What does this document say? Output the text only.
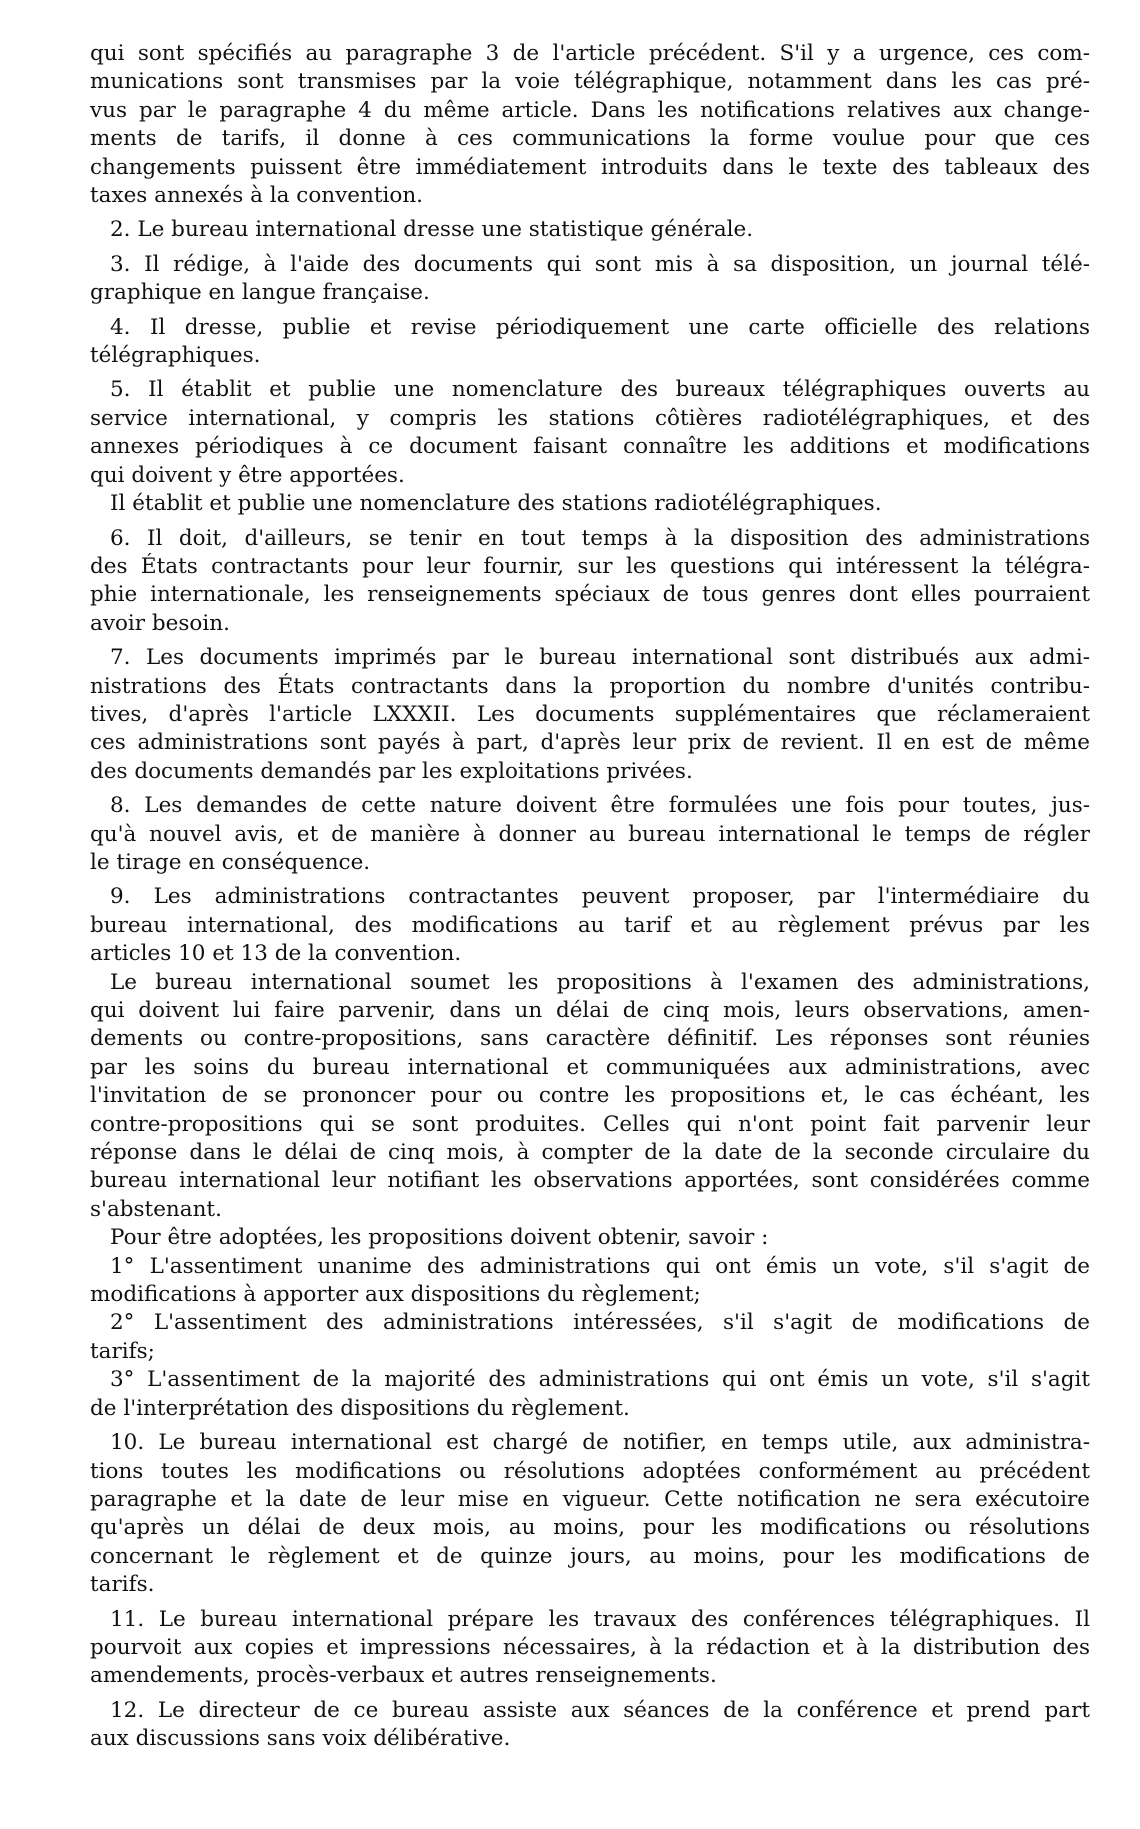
qui sont spécifiés au paragraphe 3 de l'article précédent. S'il y a urgence, ces com-
munications sont transmises par la voie télégraphique, notamment dans les cas pré-
vus par le paragraphe 4 du même article. Dans les notifications relatives aux change-
ments de tarifs, il donne à ces communications la forme voulue pour que ces
changements puissent être immédiatement introduits dans le texte des tableaux des
taxes annexés à la convention.
2. Le bureau international dresse une statistique générale.
3. Il rédige, à l'aide des documents qui sont mis à sa disposition, un journal télé-
graphique en langue française.
4. Il dresse, publie et revise périodiquement une carte officielle des relations
télégraphiques.
5. Il établit et publie une nomenclature des bureaux télégraphiques ouverts au
service international, y compris les stations côtières radiotélégraphiques, et des
annexes périodiques à ce document faisant connaître les additions et modifications
qui doivent y être apportées.
Il établit et publie une nomenclature des stations radiotélégraphiques.
6. Il doit, d'ailleurs, se tenir en tout temps à la disposition des administrations
des États contractants pour leur fournir, sur les questions qui intéressent la télégra-
phie internationale, les renseignements spéciaux de tous genres dont elles pourraient
avoir besoin.
7. Les documents imprimés par le bureau international sont distribués aux admi-
nistrations des États contractants dans la proportion du nombre d'unités contribu-
tives, d'après l'article LXXXII. Les documents supplémentaires que réclameraient
ces administrations sont payés à part, d'après leur prix de revient. Il en est de même
des documents demandés par les exploitations privées.
8. Les demandes de cette nature doivent être formulées une fois pour toutes, jus-
qu'à nouvel avis, et de manière à donner au bureau international le temps de régler
le tirage en conséquence.
9. Les administrations contractantes peuvent proposer, par l'intermédiaire du
bureau international, des modifications au tarif et au règlement prévus par les
articles 10 et 13 de la convention.
Le bureau international soumet les propositions à l'examen des administrations,
qui doivent lui faire parvenir, dans un délai de cinq mois, leurs observations, amen-
dements ou contre-propositions, sans caractère définitif. Les réponses sont réunies
par les soins du bureau international et communiquées aux administrations, avec
l'invitation de se prononcer pour ou contre les propositions et, le cas échéant, les
contre-propositions qui se sont produites. Celles qui n'ont point fait parvenir leur
réponse dans le délai de cinq mois, à compter de la date de la seconde circulaire du
bureau international leur notifiant les observations apportées, sont considérées comme
s'abstenant.
Pour être adoptées, les propositions doivent obtenir, savoir :
1° L'assentiment unanime des administrations qui ont émis un vote, s'il s'agit de
modifications à apporter aux dispositions du règlement;
2° L'assentiment des administrations intéressées, s'il s'agit de modifications de
tarifs;
3° L'assentiment de la majorité des administrations qui ont émis un vote, s'il s'agit
de l'interprétation des dispositions du règlement.
10. Le bureau international est chargé de notifier, en temps utile, aux administra-
tions toutes les modifications ou résolutions adoptées conformément au précédent
paragraphe et la date de leur mise en vigueur. Cette notification ne sera exécutoire
qu'après un délai de deux mois, au moins, pour les modifications ou résolutions
concernant le règlement et de quinze jours, au moins, pour les modifications de
tarifs.
11. Le bureau international prépare les travaux des conférences télégraphiques. Il
pourvoit aux copies et impressions nécessaires, à la rédaction et à la distribution des
amendements, procès-verbaux et autres renseignements.
12. Le directeur de ce bureau assiste aux séances de la conférence et prend part
aux discussions sans voix délibérative.
